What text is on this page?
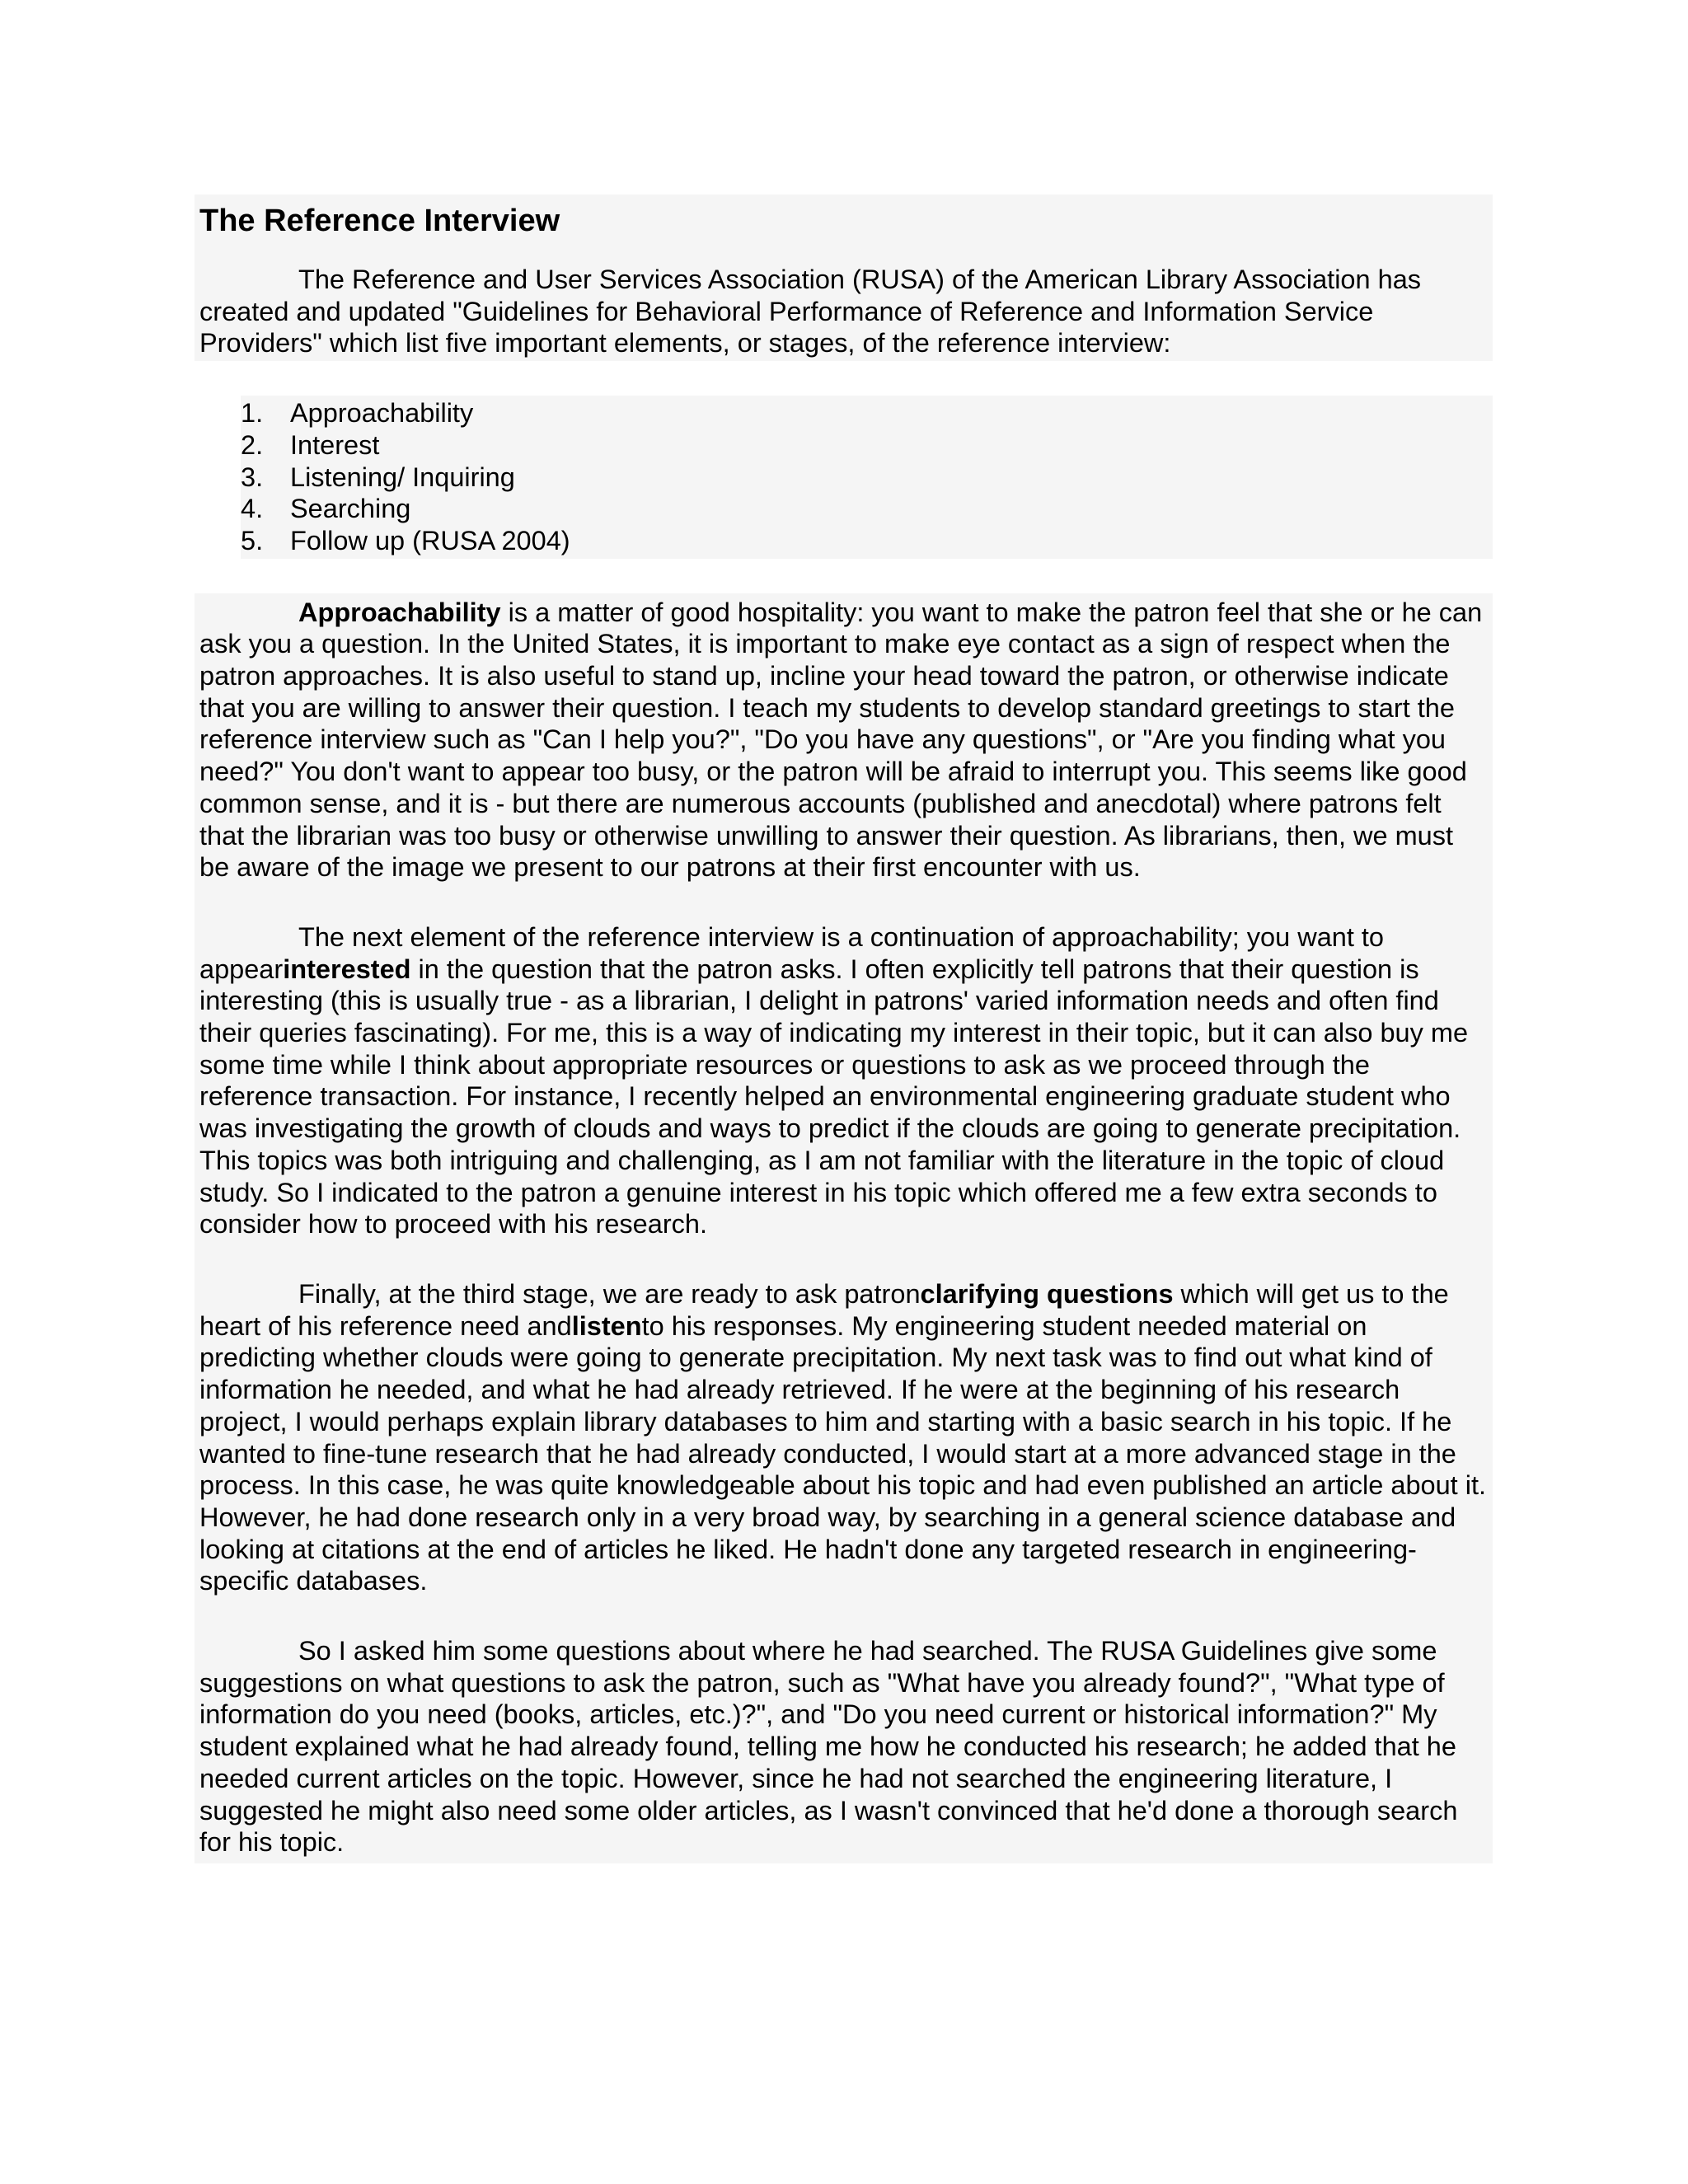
The Reference Interview
The Reference and User Services Association (RUSA) of the American Library Association has created and updated "Guidelines for Behavioral Performance of Reference and Information Service Providers" which list five important elements, or stages, of the reference interview:
1.	Approachability
2.	Interest
3.	Listening/ Inquiring
4.	Searching
5.	Follow up (RUSA 2004)
Approachability is a matter of good hospitality: you want to make the patron feel that she or he can ask you a question. In the United States, it is important to make eye contact as a sign of respect when the patron approaches. It is also useful to stand up, incline your head toward the patron, or otherwise indicate that you are willing to answer their question. I teach my students to develop standard greetings to start the reference interview such as "Can I help you?", "Do you have any questions", or "Are you finding what you need?" You don't want to appear too busy, or the patron will be afraid to interrupt you. This seems like good common sense, and it is - but there are numerous accounts (published and anecdotal) where patrons felt that the librarian was too busy or otherwise unwilling to answer their question. As librarians, then, we must be aware of the image we present to our patrons at their first encounter with us.
The next element of the reference interview is a continuation of approachability; you want to appearinterested in the question that the patron asks. I often explicitly tell patrons that their question is interesting (this is usually true - as a librarian, I delight in patrons' varied information needs and often find their queries fascinating). For me, this is a way of indicating my interest in their topic, but it can also buy me some time while I think about appropriate resources or questions to ask as we proceed through the reference transaction. For instance, I recently helped an environmental engineering graduate student who was investigating the growth of clouds and ways to predict if the clouds are going to generate precipitation. This topics was both intriguing and challenging, as I am not familiar with the literature in the topic of cloud study. So I indicated to the patron a genuine interest in his topic which offered me a few extra seconds to consider how to proceed with his research.
Finally, at the third stage, we are ready to ask patronclarifying questions which will get us to the heart of his reference need andlistento his responses. My engineering student needed material on predicting whether clouds were going to generate precipitation. My next task was to find out what kind of information he needed, and what he had already retrieved. If he were at the beginning of his research project, I would perhaps explain library databases to him and starting with a basic search in his topic. If he wanted to fine-tune research that he had already conducted, I would start at a more advanced stage in the process. In this case, he was quite knowledgeable about his topic and had even published an article about it. However, he had done research only in a very broad way, by searching in a general science database and looking at citations at the end of articles he liked. He hadn't done any targeted research in engineering-specific databases.
So I asked him some questions about where he had searched. The RUSA Guidelines give some suggestions on what questions to ask the patron, such as "What have you already found?", "What type of information do you need (books, articles, etc.)?", and "Do you need current or historical information?" My student explained what he had already found, telling me how he conducted his research; he added that he needed current articles on the topic. However, since he had not searched the engineering literature, I suggested he might also need some older articles, as I wasn't convinced that he'd done a thorough search for his topic.
